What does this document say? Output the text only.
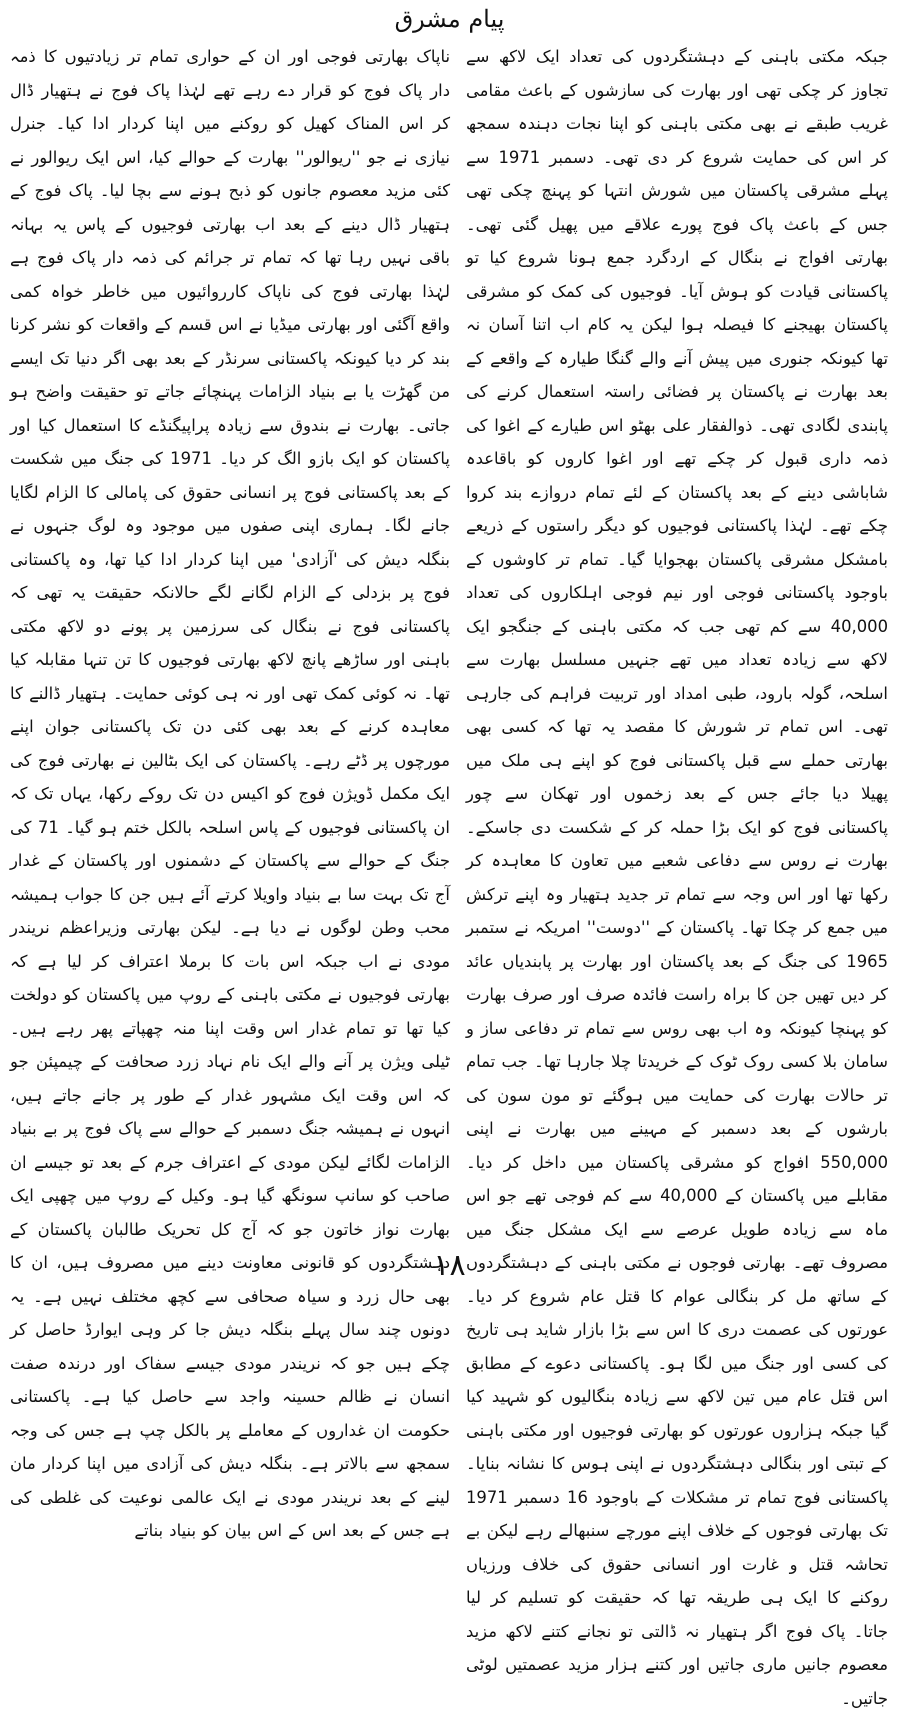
پیام مشرق

جبکہ مکتی باہنی کے دہشتگردوں کی تعداد ایک لاکھ سے تجاوز کر چکی تھی اور بھارت کی سازشوں کے باعث مقامی غریب طبقے نے بھی مکتی باہنی کو اپنا نجات دہندہ سمجھ کر اس کی حمایت شروع کر دی تھی۔ دسمبر 1971 سے پہلے مشرقی پاکستان میں شورش انتہا کو پہنچ چکی تھی جس کے باعث پاک فوج پورے علاقے میں پھیل گئی تھی۔ بھارتی افواج نے بنگال کے اردگرد جمع ہونا شروع کیا تو پاکستانی قیادت کو ہوش آیا۔ فوجیوں کی کمک کو مشرقی پاکستان بھیجنے کا فیصلہ ہوا لیکن یہ کام اب اتنا آسان نہ تھا کیونکہ جنوری میں پیش آنے والے گنگا طیارہ کے واقعے کے بعد بھارت نے پاکستان پر فضائی راستہ استعمال کرنے کی پابندی لگادی تھی۔ ذوالفقار علی بھٹو اس طیارے کے اغوا کی ذمہ داری قبول کر چکے تھے اور اغوا کاروں کو باقاعدہ شاباشی دینے کے بعد پاکستان کے لئے تمام دروازے بند کروا چکے تھے۔ لہٰذا پاکستانی فوجیوں کو دیگر راستوں کے ذریعے بامشکل مشرقی پاکستان بھجوایا گیا۔ تمام تر کاوشوں کے باوجود پاکستانی فوجی اور نیم فوجی اہلکاروں کی تعداد 40,000 سے کم تھی جب کہ مکتی باہنی کے جنگجو ایک لاکھ سے زیادہ تعداد میں تھے جنہیں مسلسل بھارت سے اسلحہ، گولہ بارود، طبی امداد اور تربیت فراہم کی جارہی تھی۔ اس تمام تر شورش کا مقصد یہ تھا کہ کسی بھی بھارتی حملے سے قبل پاکستانی فوج کو اپنے ہی ملک میں پھیلا دیا جائے جس کے بعد زخموں اور تھکان سے چور پاکستانی فوج کو ایک بڑا حملہ کر کے شکست دی جاسکے۔ بھارت نے روس سے دفاعی شعبے میں تعاون کا معاہدہ کر رکھا تھا اور اس وجہ سے تمام تر جدید ہتھیار وہ اپنے ترکش میں جمع کر چکا تھا۔ پاکستان کے ''دوست'' امریکہ نے ستمبر 1965 کی جنگ کے بعد پاکستان اور بھارت پر پابندیاں عائد کر دیں تھیں جن کا براہ راست فائدہ صرف اور صرف بھارت کو پہنچا کیونکہ وہ اب بھی روس سے تمام تر دفاعی ساز و سامان بلا کسی روک ٹوک کے خریدتا چلا جارہا تھا۔ جب تمام تر حالات بھارت کی حمایت میں ہوگئے تو مون سون کی بارشوں کے بعد دسمبر کے مہینے میں بھارت نے اپنی 550,000 افواج کو مشرقی پاکستان میں داخل کر دیا۔ مقابلے میں پاکستان کے 40,000 سے کم فوجی تھے جو اس ماہ سے زیادہ طویل عرصے سے ایک مشکل جنگ میں مصروف تھے۔ بھارتی فوجوں نے مکتی باہنی کے دہشتگردوں کے ساتھ مل کر بنگالی عوام کا قتل عام شروع کر دیا۔ عورتوں کی عصمت دری کا اس سے بڑا بازار شاید ہی تاریخ کی کسی اور جنگ میں لگا ہو۔ پاکستانی دعوے کے مطابق اس قتل عام میں تین لاکھ سے زیادہ بنگالیوں کو شہید کیا گیا جبکہ ہزاروں عورتوں کو بھارتی فوجیوں اور مکتی باہنی کے تبتی اور بنگالی دہشتگردوں نے اپنی ہوس کا نشانہ بنایا۔ پاکستانی فوج تمام تر مشکلات کے باوجود 16 دسمبر 1971 تک بھارتی فوجوں کے خلاف اپنے مورچے سنبھالے رہے لیکن بے تحاشہ قتل و غارت اور انسانی حقوق کی خلاف ورزیاں روکنے کا ایک ہی طریقہ تھا کہ حقیقت کو تسلیم کر لیا جاتا۔ پاک فوج اگر ہتھیار نہ ڈالتی تو نجانے کتنے لاکھ مزید معصوم جانیں ماری جاتیں اور کتنے ہزار مزید عصمتیں لوٹی جاتیں۔

ناپاک بھارتی فوجی اور ان کے حواری تمام تر زیادتیوں کا ذمہ دار پاک فوج کو قرار دے رہے تھے لہٰذا پاک فوج نے ہتھیار ڈال کر اس المناک کھیل کو روکنے میں اپنا کردار ادا کیا۔ جنرل نیازی نے جو ''ریوالور'' بھارت کے حوالے کیا، اس ایک ریوالور نے کئی مزید معصوم جانوں کو ذبح ہونے سے بچا لیا۔ پاک فوج کے ہتھیار ڈال دینے کے بعد اب بھارتی فوجیوں کے پاس یہ بہانہ باقی نہیں رہا تھا کہ تمام تر جرائم کی ذمہ دار پاک فوج ہے لہٰذا بھارتی فوج کی ناپاک کارروائیوں میں خاطر خواہ کمی واقع آگئی اور بھارتی میڈیا نے اس قسم کے واقعات کو نشر کرنا بند کر دیا کیونکہ پاکستانی سرنڈر کے بعد بھی اگر دنیا تک ایسے من گھڑت یا بے بنیاد الزامات پہنچائے جاتے تو حقیقت واضح ہو جاتی۔ بھارت نے بندوق سے زیادہ پراپیگنڈے کا استعمال کیا اور پاکستان کو ایک بازو الگ کر دیا۔ 1971 کی جنگ میں شکست کے بعد پاکستانی فوج پر انسانی حقوق کی پامالی کا الزام لگایا جانے لگا۔ ہماری اپنی صفوں میں موجود وہ لوگ جنہوں نے بنگلہ دیش کی 'آزادی' میں اپنا کردار ادا کیا تھا، وہ پاکستانی فوج پر بزدلی کے الزام لگانے لگے حالانکہ حقیقت یہ تھی کہ پاکستانی فوج نے بنگال کی سرزمین پر پونے دو لاکھ مکتی باہنی اور ساڑھے پانچ لاکھ بھارتی فوجیوں کا تن تنہا مقابلہ کیا تھا۔ نہ کوئی کمک تھی اور نہ ہی کوئی حمایت۔ ہتھیار ڈالنے کا معاہدہ کرنے کے بعد بھی کئی دن تک پاکستانی جوان اپنے مورچوں پر ڈٹے رہے۔ پاکستان کی ایک بٹالین نے بھارتی فوج کی ایک مکمل ڈویژن فوج کو اکیس دن تک روکے رکھا، یہاں تک کہ ان پاکستانی فوجیوں کے پاس اسلحہ بالکل ختم ہو گیا۔ 71 کی جنگ کے حوالے سے پاکستان کے دشمنوں اور پاکستان کے غدار آج تک بہت سا بے بنیاد واویلا کرتے آئے ہیں جن کا جواب ہمیشہ محب وطن لوگوں نے دیا ہے۔ لیکن بھارتی وزیراعظم نریندر مودی نے اب جبکہ اس بات کا برملا اعتراف کر لیا ہے کہ بھارتی فوجیوں نے مکتی باہنی کے روپ میں پاکستان کو دولخت کیا تھا تو تمام غدار اس وقت اپنا منہ چھپاتے پھر رہے ہیں۔ ٹیلی ویژن پر آنے والے ایک نام نہاد زرد صحافت کے چیمپئن جو کہ اس وقت ایک مشہور غدار کے طور پر جانے جاتے ہیں، انہوں نے ہمیشہ جنگ دسمبر کے حوالے سے پاک فوج پر بے بنیاد الزامات لگائے لیکن مودی کے اعتراف جرم کے بعد تو جیسے ان صاحب کو سانپ سونگھ گیا ہو۔ وکیل کے روپ میں چھپی ایک بھارت نواز خاتون جو کہ آج کل تحریک طالبان پاکستان کے دہشتگردوں کو قانونی معاونت دینے میں مصروف ہیں، ان کا بھی حال زرد و سیاہ صحافی سے کچھ مختلف نہیں ہے۔ یہ دونوں چند سال پہلے بنگلہ دیش جا کر وہی ایوارڈ حاصل کر چکے ہیں جو کہ نریندر مودی جیسے سفاک اور درندہ صفت انسان نے ظالم حسینہ واجد سے حاصل کیا ہے۔ پاکستانی حکومت ان غداروں کے معاملے پر بالکل چپ ہے جس کی وجہ سمجھ سے بالاتر ہے۔ بنگلہ دیش کی آزادی میں اپنا کردار مان لینے کے بعد نریندر مودی نے ایک عالمی نوعیت کی غلطی کی ہے جس کے بعد اس کے اس بیان کو بنیاد بناتے

۱۸
